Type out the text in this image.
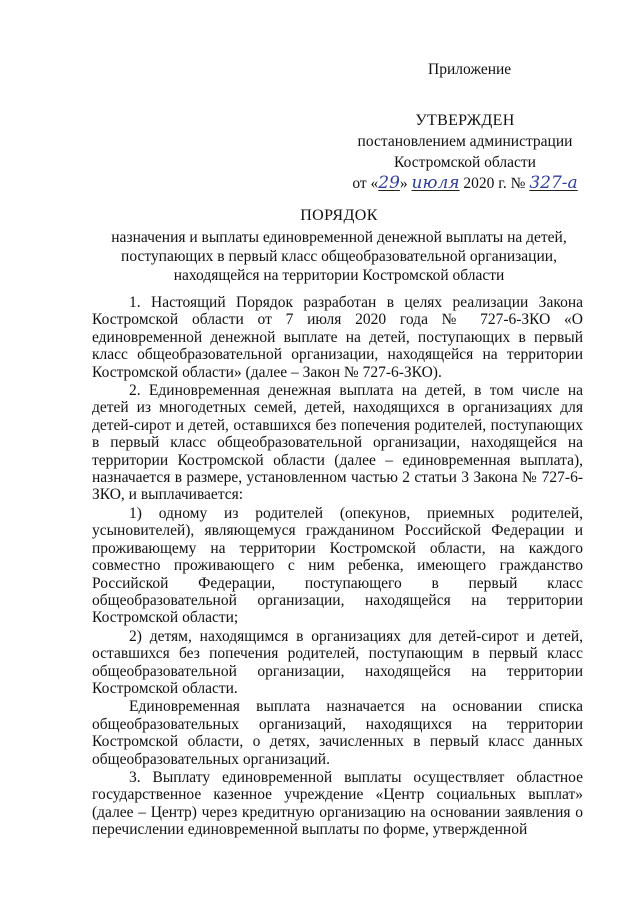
Приложение
УТВЕРЖДЕН
постановлением администрации
Костромской области
от «29» июля 2020 г. № 327-а
ПОРЯДОК
назначения и выплаты единовременной денежной выплаты на детей,
поступающих в первый класс общеобразовательной организации,
находящейся на территории Костромской области

1. Настоящий Порядок разработан в целях реализации Закона Костромской области от 7 июля 2020 года № 727-6-ЗКО «О единовременной денежной выплате на детей, поступающих в первый класс общеобразовательной организации, находящейся на территории Костромской области» (далее – Закон № 727-6-ЗКО).

2. Единовременная денежная выплата на детей, в том числе на детей из многодетных семей, детей, находящихся в организациях для детей-сирот и детей, оставшихся без попечения родителей, поступающих в первый класс общеобразовательной организации, находящейся на территории Костромской области (далее – единовременная выплата), назначается в размере, установленном частью 2 статьи 3 Закона № 727-6-ЗКО, и выплачивается:

1) одному из родителей (опекунов, приемных родителей, усыновителей), являющемуся гражданином Российской Федерации и проживающему на территории Костромской области, на каждого совместно проживающего с ним ребенка, имеющего гражданство Российской Федерации, поступающего в первый класс общеобразовательной организации, находящейся на территории Костромской области;

2) детям, находящимся в организациях для детей-сирот и детей, оставшихся без попечения родителей, поступающим в первый класс общеобразовательной организации, находящейся на территории Костромской области.

Единовременная выплата назначается на основании списка общеобразовательных организаций, находящихся на территории Костромской области, о детях, зачисленных в первый класс данных общеобразовательных организаций.

3. Выплату единовременной выплаты осуществляет областное государственное казенное учреждение «Центр социальных выплат» (далее – Центр) через кредитную организацию на основании заявления о перечислении единовременной выплаты по форме, утвержденной
